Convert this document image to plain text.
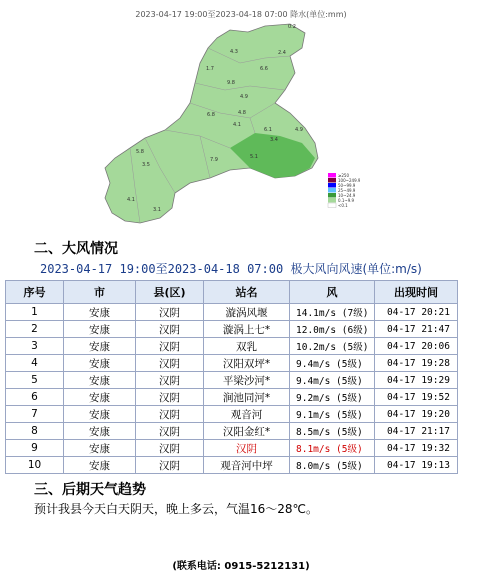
2023-04-17 19:00至2023-04-18 07:00 降水(单位:mm)
0.2
4.3	2.4
1.7	6.6
9.8
4.9
6.8	4.8
4.1
6.1
3.4
5.1
4.9
5.8
7.9
3.5
4.1
3.1
≥250
100~249.9
50~99.9
25~49.9
10~24.9
0.1~9.9
<0.1
二、大风情况
2023-04-17 19:00至2023-04-18 07:00 极大风向风速(单位:m/s)
序号	市	县(区)	站名	风	出现时间
1	安康	汉阴	漩涡风堰	14.1m/s (7级)	04-17 20:21
2	安康	汉阴	漩涡上七*	12.0m/s (6级)	04-17 21:47
3	安康	汉阴	双乳	10.2m/s (5级)	04-17 20:06
4	安康	汉阴	汉阳双坪*	9.4m/s (5级)	04-17 19:28
5	安康	汉阴	平梁沙河*	9.4m/s (5级)	04-17 19:29
6	安康	汉阴	涧池同河*	9.2m/s (5级)	04-17 19:52
7	安康	汉阴	观音河	9.1m/s (5级)	04-17 19:20
8	安康	汉阴	汉阳金红*	8.5m/s (5级)	04-17 21:17
9	安康	汉阴	汉阴	8.1m/s (5级)	04-17 19:32
10	安康	汉阴	观音河中坪	8.0m/s (5级)	04-17 19:13
三、后期天气趋势
预计我县今天白天阴天，晚上多云，气温16～28℃。
(联系电话: 0915-5212131)
